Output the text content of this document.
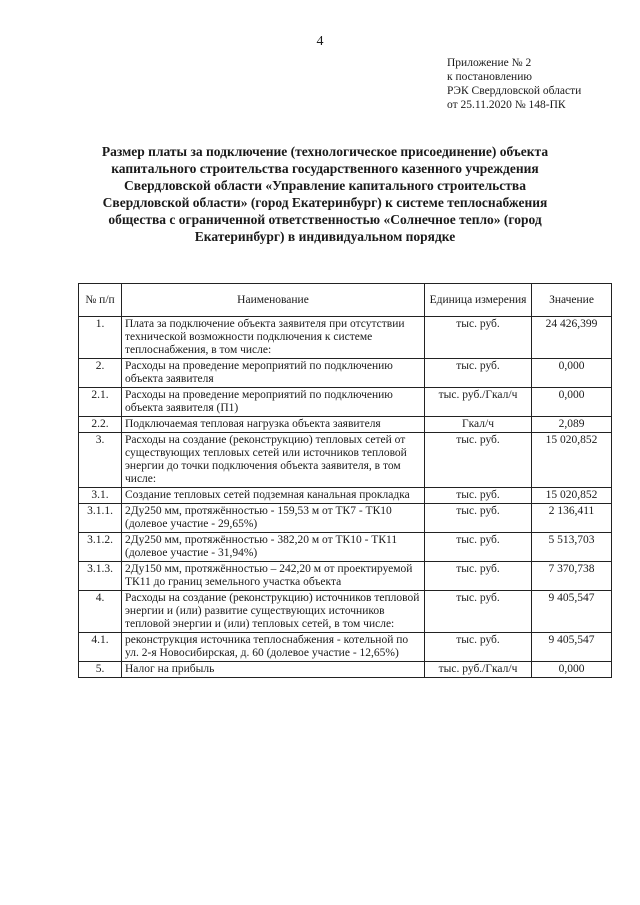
4
Приложение № 2
к постановлению
РЭК Свердловской области
от 25.11.2020 № 148-ПК
Размер платы за подключение (технологическое присоединение) объекта
капитального строительства государственного казенного учреждения
Свердловской области «Управление капитального строительства
Свердловской области» (город Екатеринбург) к системе теплоснабжения
общества с ограниченной ответственностью «Солнечное тепло» (город
Екатеринбург) в индивидуальном порядке
№ п/п	Наименование	Единица измерения	Значение
1.	Плата за подключение объекта заявителя при отсутствии технической возможности подключения к системе теплоснабжения, в том числе:	тыс. руб.	24 426,399
2.	Расходы на проведение мероприятий по подключению объекта заявителя	тыс. руб.	0,000
2.1.	Расходы на проведение мероприятий по подключению объекта заявителя (П1)	тыс. руб./Гкал/ч	0,000
2.2.	Подключаемая тепловая нагрузка объекта заявителя	Гкал/ч	2,089
3.	Расходы на создание (реконструкцию) тепловых сетей от существующих тепловых сетей или источников тепловой энергии до точки подключения объекта заявителя, в том числе:	тыс. руб.	15 020,852
3.1.	Создание тепловых сетей подземная канальная прокладка	тыс. руб.	15 020,852
3.1.1.	2Ду250 мм, протяжённостью - 159,53 м от ТК7 - ТК10 (долевое участие - 29,65%)	тыс. руб.	2 136,411
3.1.2.	2Ду250 мм, протяжённостью - 382,20 м от ТК10 - ТК11 (долевое участие - 31,94%)	тыс. руб.	5 513,703
3.1.3.	2Ду150 мм, протяжённостью – 242,20 м от проектируемой ТК11 до границ земельного участка объекта	тыс. руб.	7 370,738
4.	Расходы на создание (реконструкцию) источников тепловой энергии и (или) развитие существующих источников тепловой энергии и (или) тепловых сетей, в том числе:	тыс. руб.	9 405,547
4.1.	реконструкция источника теплоснабжения - котельной по ул. 2-я Новосибирская, д. 60 (долевое участие - 12,65%)	тыс. руб.	9 405,547
5.	Налог на прибыль	тыс. руб./Гкал/ч	0,000
